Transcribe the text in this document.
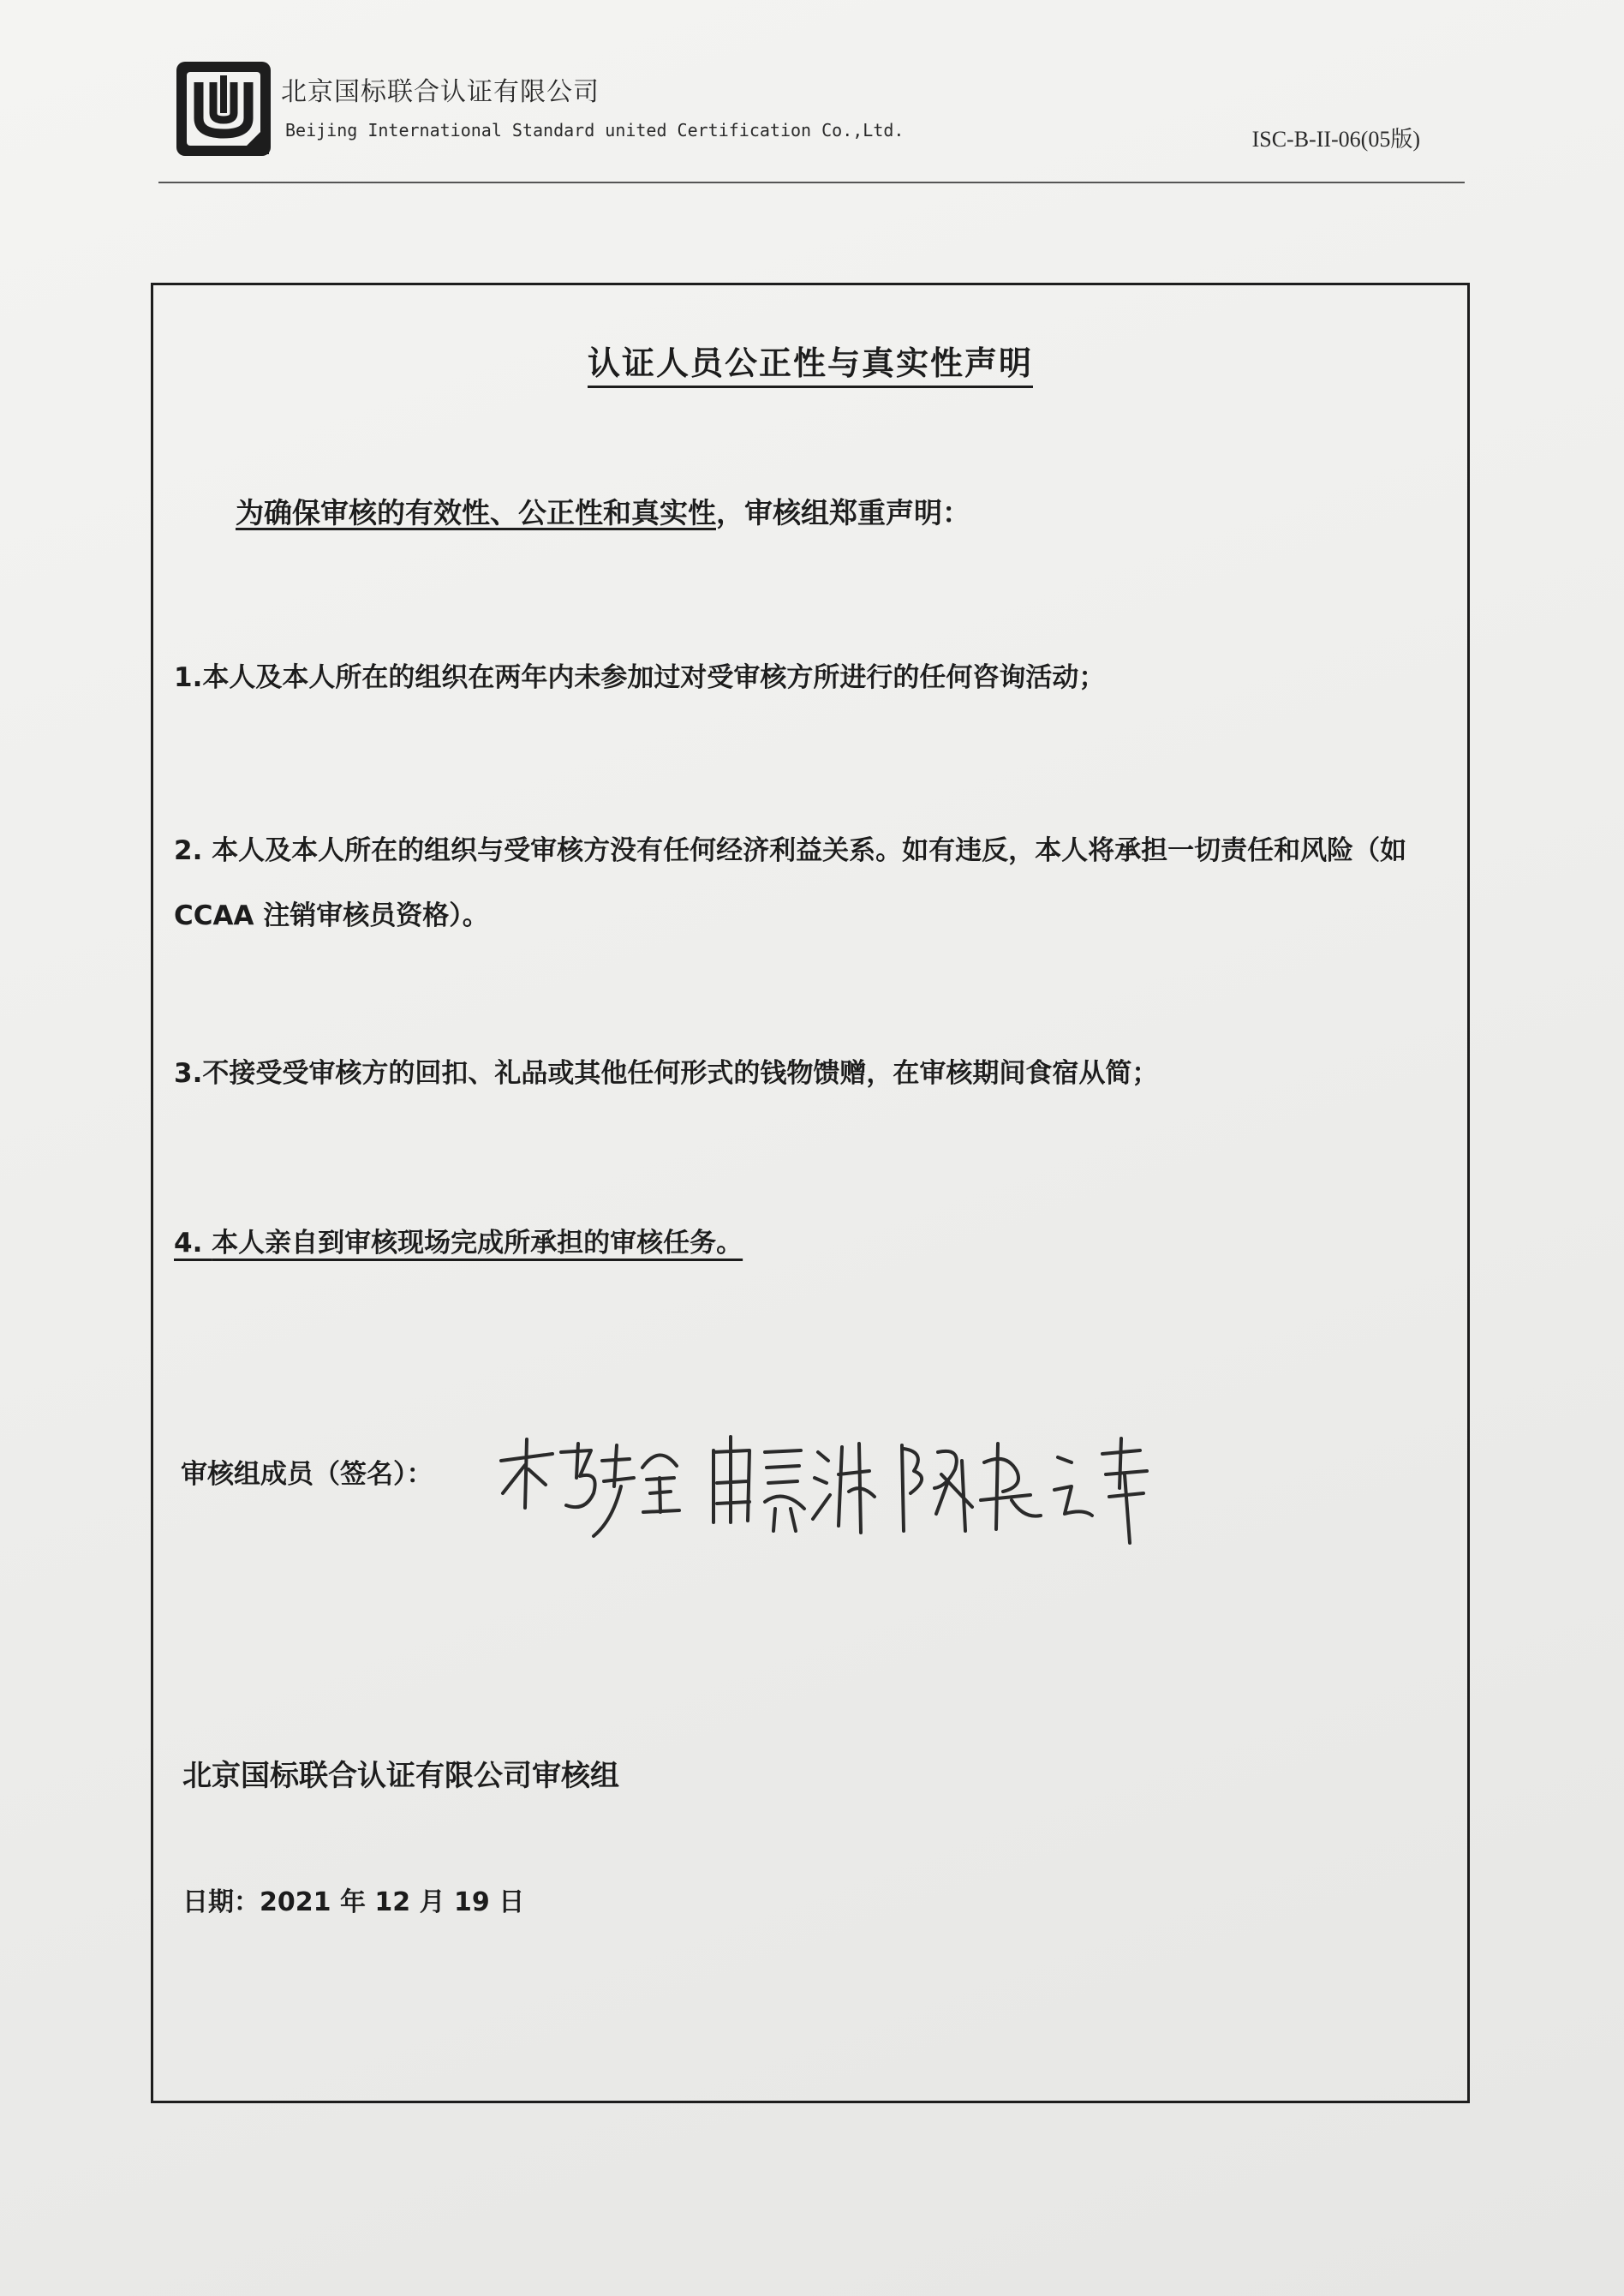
北京国标联合认证有限公司
Beijing International Standard united Certification Co.,Ltd.	ISC-B-II-06(05版)
认证人员公正性与真实性声明
为确保审核的有效性、公正性和真实性，审核组郑重声明：
1.本人及本人所在的组织在两年内未参加过对受审核方所进行的任何咨询活动；
2. 本人及本人所在的组织与受审核方没有任何经济利益关系。如有违反，本人将承担一切责任和风险（如 CCAA 注销审核员资格）。
3.不接受受审核方的回扣、礼品或其他任何形式的钱物馈赠，在审核期间食宿从简；
4. 本人亲自到审核现场完成所承担的审核任务。
审核组成员（签名）：
北京国标联合认证有限公司审核组
日期：2021 年 12 月 19 日
